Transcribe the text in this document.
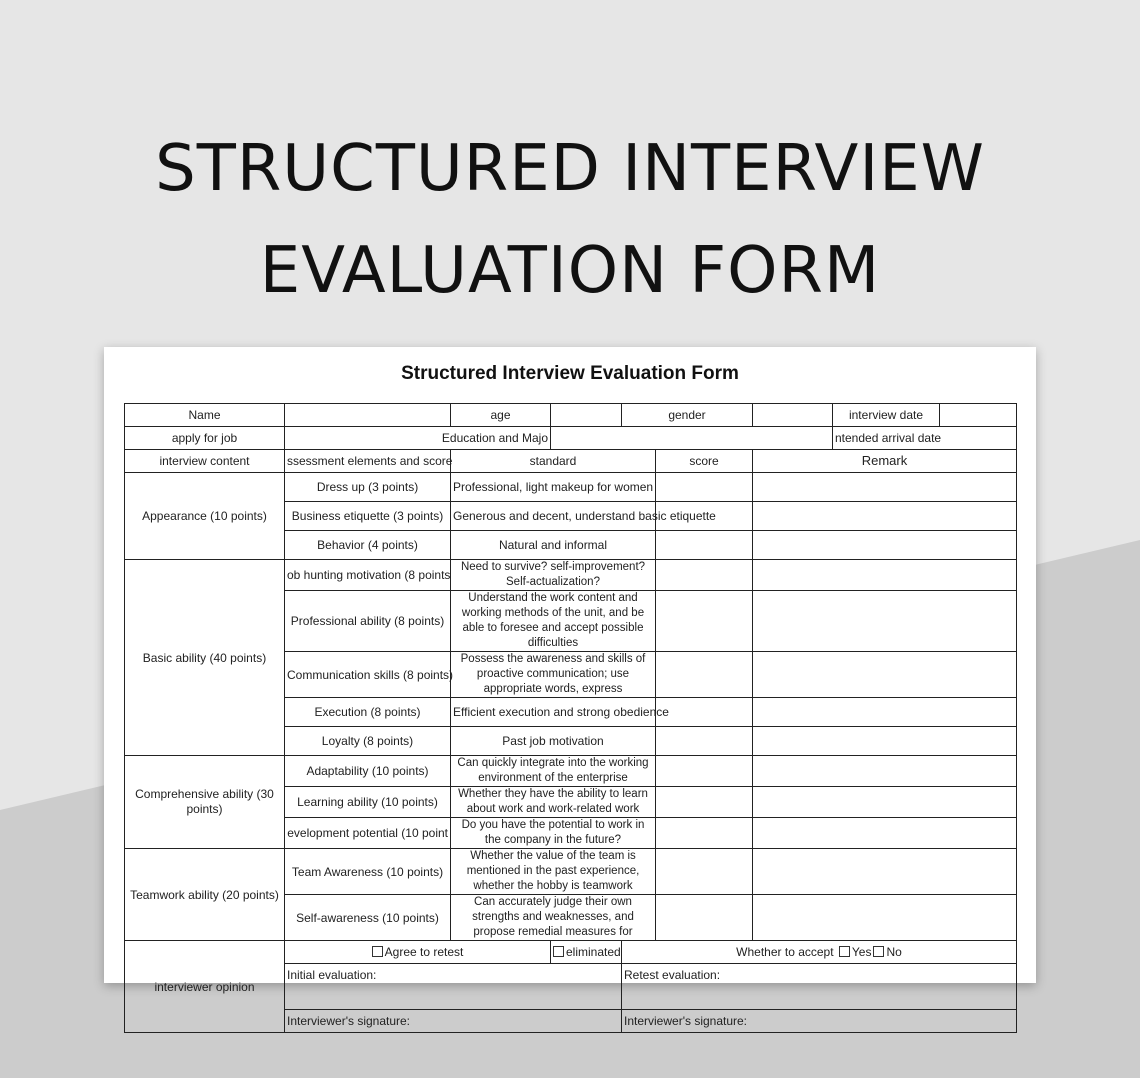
STRUCTURED INTERVIEW
EVALUATION FORM
Structured Interview Evaluation Form
Name		age		gender			interview date	
apply for job	Education and Majo						ntended arrival date	
interview content	ssessment elements and score	standard			score	Remark		
Appearance (10 points)	Dress up (3 points)	Professional, light makeup for women						
	Business etiquette (3 points)	Generous and decent, understand basic etiquette						
	Behavior (4 points)	Natural and informal						
Basic ability (40 points)	ob hunting motivation (8 points	Need to survive? self-improvement? Self-actualization?						
	Professional ability (8 points)	Understand the work content and working methods of the unit, and be able to foresee and accept possible difficulties						
	Communication skills (8 points)	Possess the awareness and skills of proactive communication; use appropriate words, express						
	Execution (8 points)	Efficient execution and strong obedience						
	Loyalty (8 points)	Past job motivation						
Comprehensive ability (30 points)	Adaptability (10 points)	Can quickly integrate into the working environment of the enterprise						
	Learning ability (10 points)	Whether they have the ability to learn about work and work-related work						
	evelopment potential (10 point	Do you have the potential to work in the company in the future?						
Teamwork ability (20 points)	Team Awareness (10 points)	Whether the value of the team is mentioned in the past experience, whether the hobby is teamwork						
	Self-awareness (10 points)	Can accurately judge their own strengths and weaknesses, and propose remedial measures for						
interviewer opinion	Agree to retest		eliminated	Whether to accept Yes No				
	Initial evaluation:			Retest evaluation:				
	Interviewer's signature:			Interviewer's signature:				
